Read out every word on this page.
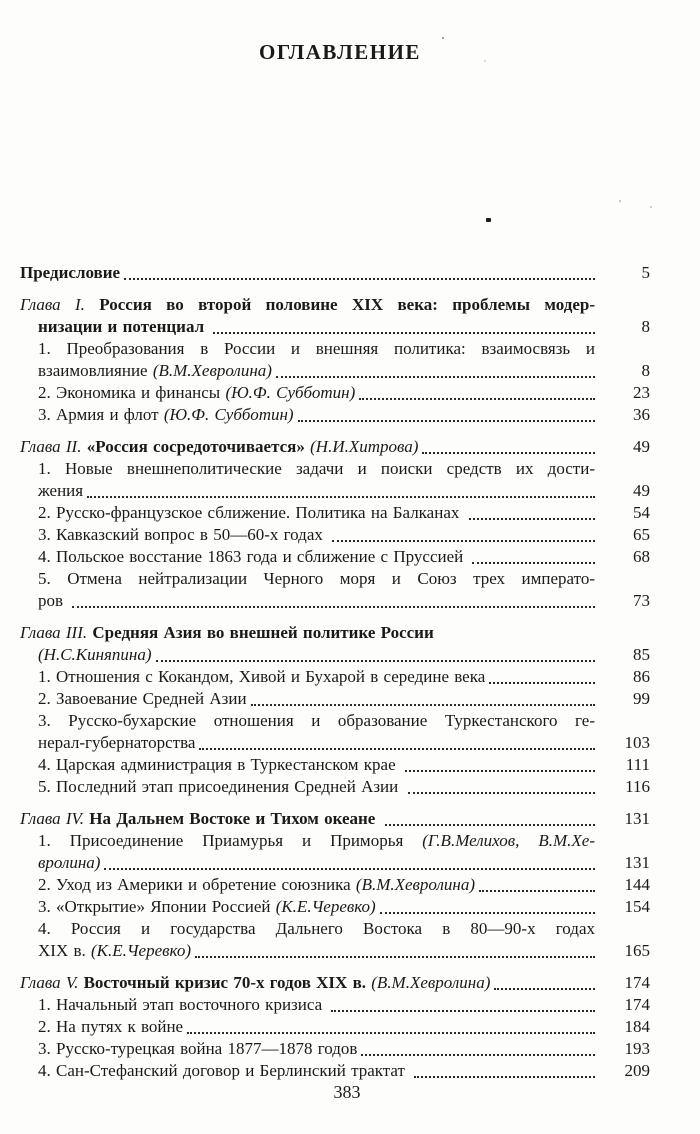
ОГЛАВЛЕНИЕ
Предисловие	5
Глава I. Россия во второй половине XIX века: проблемы модер-
низации и потенциал	8
1. Преобразования в России и внешняя политика: взаимосвязь и
взаимовлияние (В.М.Хевролина)	8
2. Экономика и финансы (Ю.Ф. Субботин)	23
3. Армия и флот (Ю.Ф. Субботин)	36
Глава II. «Россия сосредоточивается» (Н.И.Хитрова)	49
1. Новые внешнеполитические задачи и поиски средств их дости-
жения	49
2. Русско-французское сближение. Политика на Балканах	54
3. Кавказский вопрос в 50—60-х годах	65
4. Польское восстание 1863 года и сближение с Пруссией	68
5. Отмена нейтрализации Черного моря и Союз трех императо-
ров	73
Глава III. Средняя Азия во внешней политике России
(Н.С.Киняпина)	85
1. Отношения с Кокандом, Хивой и Бухарой в середине века	86
2. Завоевание Средней Азии	99
3. Русско-бухарские отношения и образование Туркестанского ге-
нерал-губернаторства	103
4. Царская администрация в Туркестанском крае	111
5. Последний этап присоединения Средней Азии	116
Глава IV. На Дальнем Востоке и Тихом океане	131
1. Присоединение Приамурья и Приморья (Г.В.Мелихов, В.М.Хе-
вролина)	131
2. Уход из Америки и обретение союзника (В.М.Хевролина)	144
3. «Открытие» Японии Россией (К.Е.Черевко)	154
4. Россия и государства Дальнего Востока в 80—90-х годах
XIX в. (К.Е.Черевко)	165
Глава V. Восточный кризис 70-х годов XIX в. (В.М.Хевролина)	174
1. Начальный этап восточного кризиса	174
2. На путях к войне	184
3. Русско-турецкая война 1877—1878 годов	193
4. Сан-Стефанский договор и Берлинский трактат	209
383
